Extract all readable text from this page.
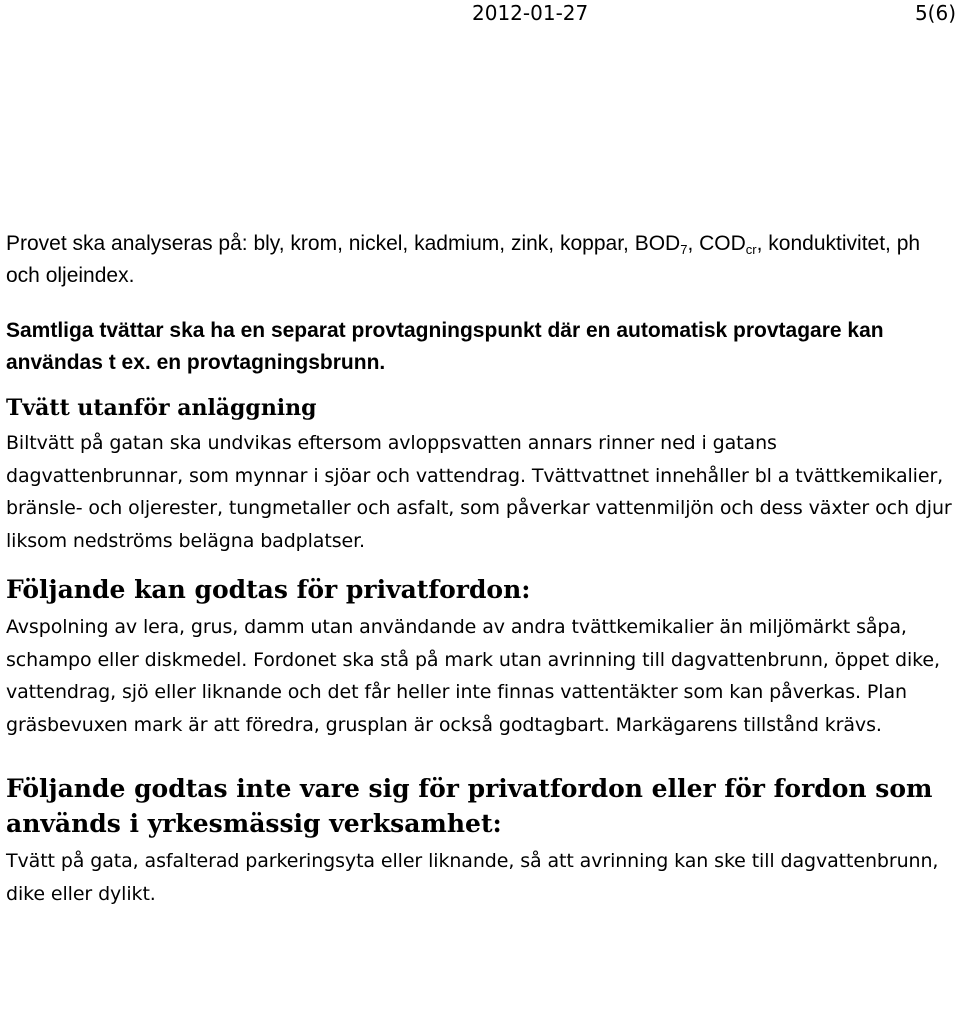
2012-01-27	5(6)

Provet ska analyseras på: bly, krom, nickel, kadmium, zink, koppar, $BOD_7$, $COD_{cr}$, konduktivitet, ph och oljeindex.

Samtliga tvättar ska ha en separat provtagningspunkt där en automatisk provtagare kan användas t ex. en provtagningsbrunn.

Tvätt utanför anläggning

Biltvätt på gatan ska undvikas eftersom avloppsvatten annars rinner ned i gatans dagvattenbrunnar, som mynnar i sjöar och vattendrag. Tvättvattnet innehåller bl a tvättkemikalier, bränsle- och oljerester, tungmetaller och asfalt, som påverkar vattenmiljön och dess växter och djur liksom nedströms belägna badplatser.

Följande kan godtas för privatfordon:

Avspolning av lera, grus, damm utan användande av andra tvättkemikalier än miljömärkt såpa, schampo eller diskmedel. Fordonet ska stå på mark utan avrinning till dagvattenbrunn, öppet dike, vattendrag, sjö eller liknande och det får heller inte finnas vattentäkter som kan påverkas. Plan gräsbevuxen mark är att föredra, grusplan är också godtagbart. Markägarens tillstånd krävs.

Följande godtas inte vare sig för privatfordon eller för fordon som används i yrkesmässig verksamhet:

Tvätt på gata, asfalterad parkeringsyta eller liknande, så att avrinning kan ske till dagvattenbrunn, dike eller dylikt.
